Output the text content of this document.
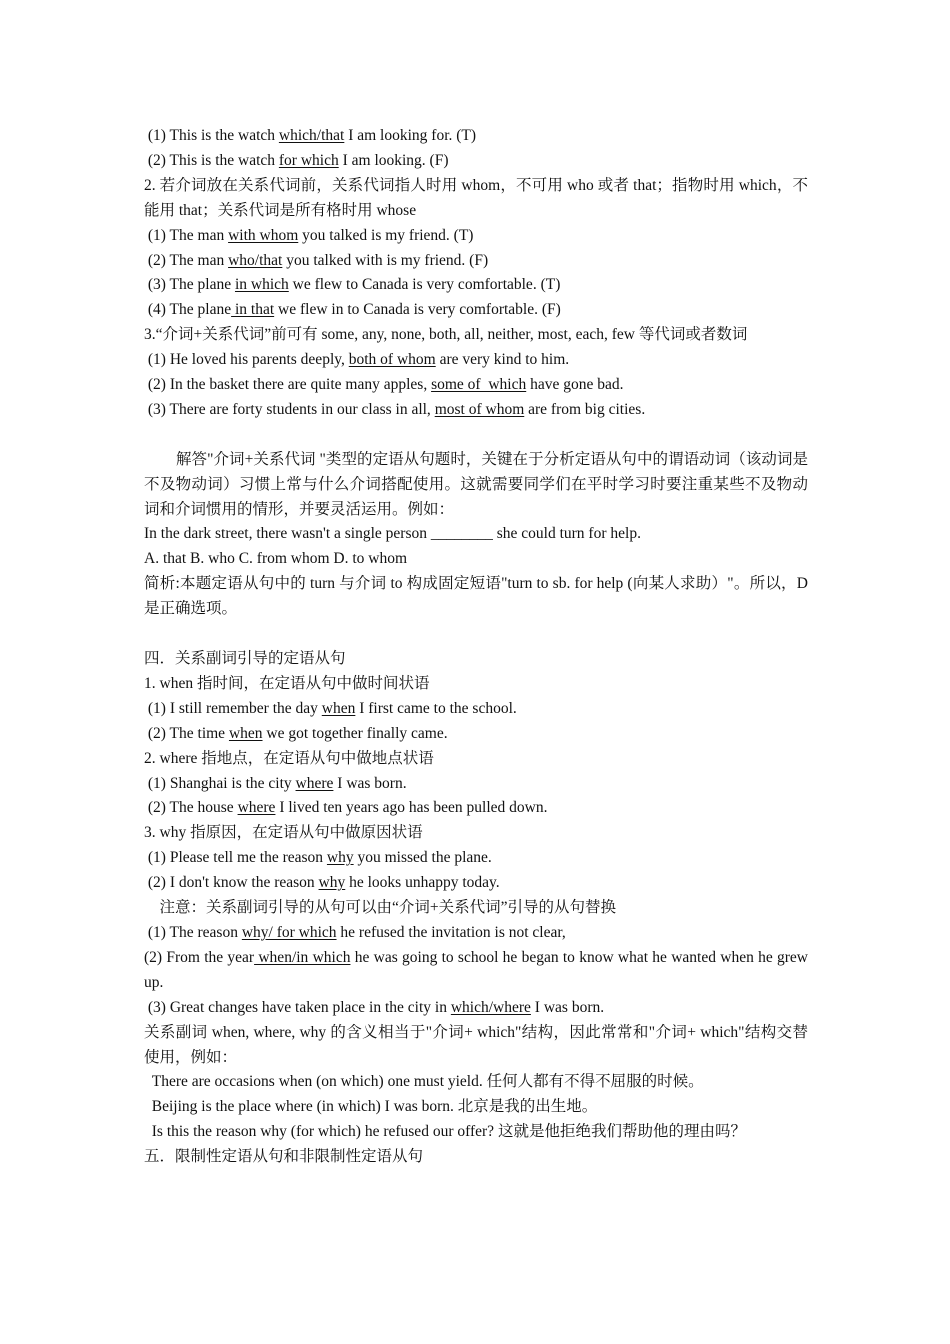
(1) This is the watch which/that I am looking for. (T)
(2) This is the watch for which I am looking. (F)
2. 若介词放在关系代词前，关系代词指人时用 whom，不可用 who 或者 that；指物时用 which，不能用 that；关系代词是所有格时用 whose
(1) The man with whom you talked is my friend. (T)
(2) The man who/that you talked with is my friend. (F)
(3) The plane in which we flew to Canada is very comfortable. (T)
(4) The plane in that we flew in to Canada is very comfortable. (F)
3.“介词+关系代词”前可有 some, any, none, both, all, neither, most, each, few 等代词或者数词
(1) He loved his parents deeply, both of whom are very kind to him.
(2) In the basket there are quite many apples, some of  which have gone bad.
(3) There are forty students in our class in all, most of whom are from big cities.
解答"介词+关系代词 "类型的定语从句题时，关键在于分析定语从句中的谓语动词（该动词是不及物动词）习惯上常与什么介词搭配使用。这就需要同学们在平时学习时要注重某些不及物动词和介词惯用的情形，并要灵活运用。例如：
In the dark street, there wasn't a single person ________ she could turn for help.
A. that B. who C. from whom D. to whom
简析:本题定语从句中的 turn 与介词 to 构成固定短语"turn to sb. for help (向某人求助）"。所以，D 是正确选项。
四．关系副词引导的定语从句
1. when 指时间，在定语从句中做时间状语
(1) I still remember the day when I first came to the school.
(2) The time when we got together finally came.
2. where 指地点，在定语从句中做地点状语
(1) Shanghai is the city where I was born.
(2) The house where I lived ten years ago has been pulled down.
3. why 指原因，在定语从句中做原因状语
(1) Please tell me the reason why you missed the plane.
(2) I don't know the reason why he looks unhappy today.
注意：关系副词引导的从句可以由“介词+关系代词”引导的从句替换
(1) The reason why/ for which he refused the invitation is not clear,
(2) From the year when/in which he was going to school he began to know what he wanted when he grew up.
(3) Great changes have taken place in the city in which/where I was born.
关系副词 when, where, why 的含义相当于"介词+ which"结构，因此常常和"介词+ which"结构交替使用，例如：
There are occasions when (on which) one must yield. 任何人都有不得不屈服的时候。
Beijing is the place where (in which) I was born. 北京是我的出生地。
Is this the reason why (for which) he refused our offer? 这就是他拒绝我们帮助他的理由吗？
五．限制性定语从句和非限制性定语从句
